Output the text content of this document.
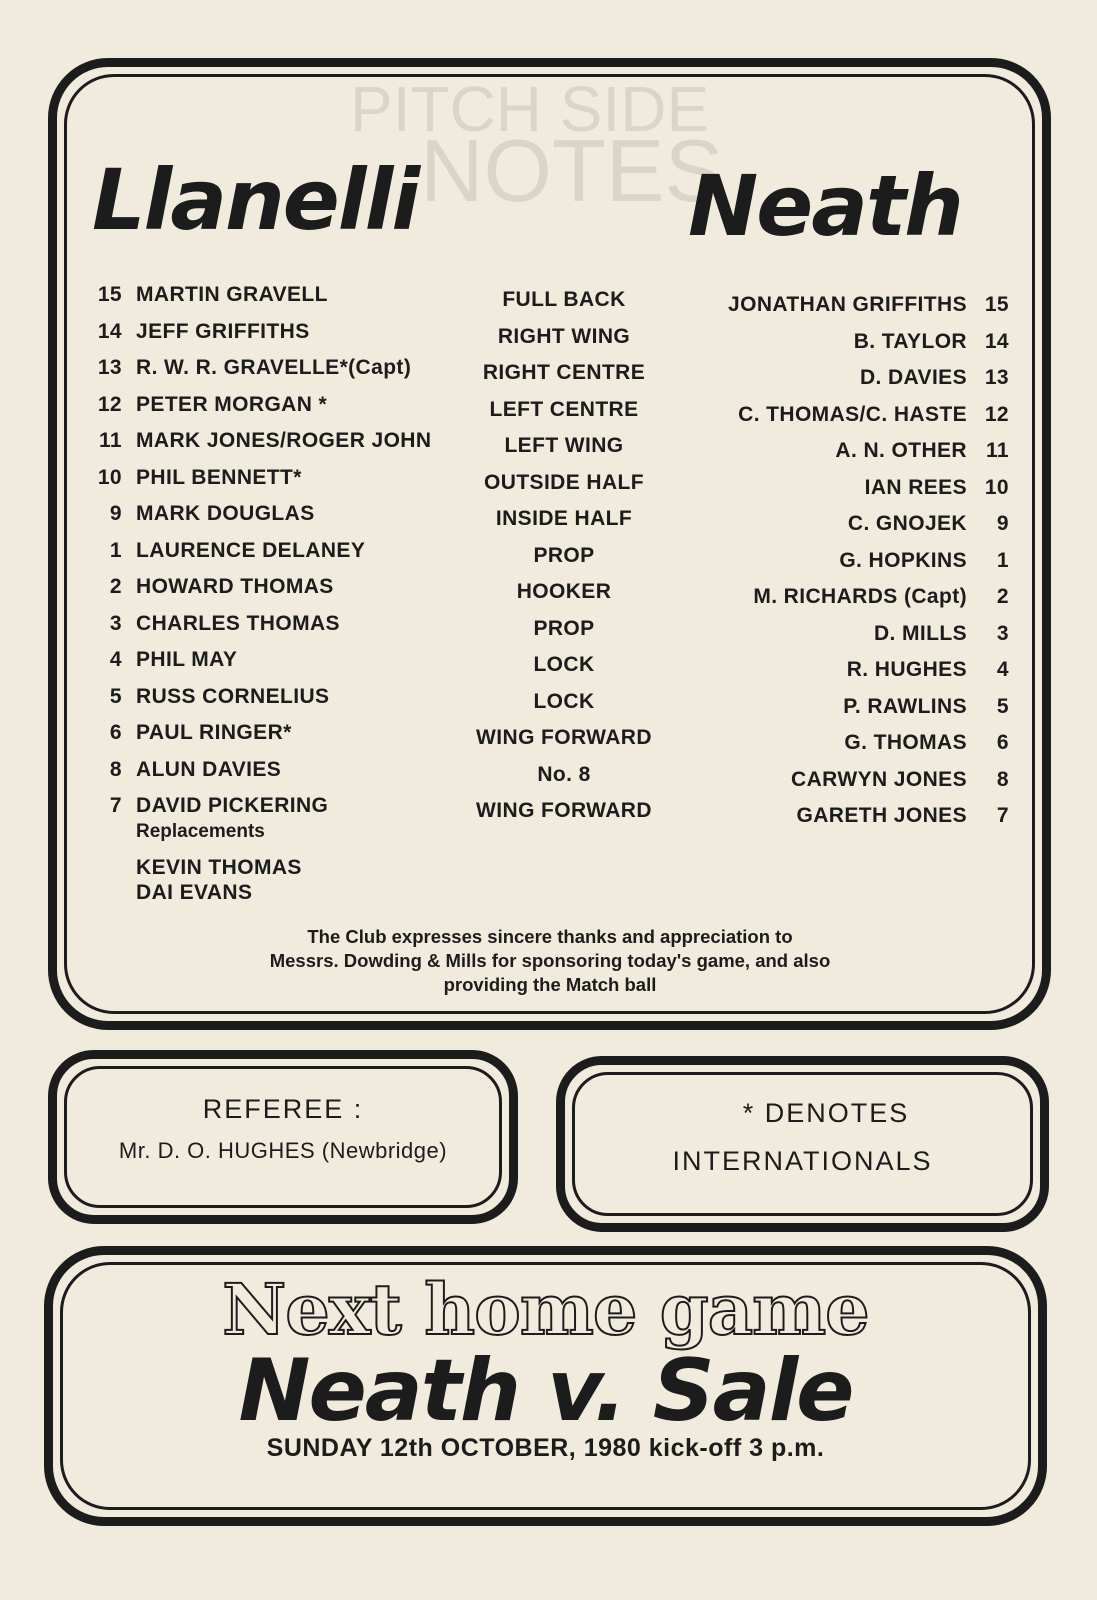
PITCH SIDE
NOTES
Llanelli	Neath
15 MARTIN GRAVELL	FULL BACK	JONATHAN GRIFFITHS 15
14 JEFF GRIFFITHS	RIGHT WING	B. TAYLOR 14
13 R. W. R. GRAVELLE*(Capt)	RIGHT CENTRE	D. DAVIES 13
12 PETER MORGAN *	LEFT CENTRE	C. THOMAS/C. HASTE 12
11 MARK JONES/ROGER JOHN	LEFT WING	A. N. OTHER 11
10 PHIL BENNETT*	OUTSIDE HALF	IAN REES 10
9 MARK DOUGLAS	INSIDE HALF	C. GNOJEK	9
1 LAURENCE DELANEY	PROP	G. HOPKINS	1
2 HOWARD THOMAS	HOOKER	M. RICHARDS (Capt)	2
3 CHARLES THOMAS	PROP	D. MILLS	3
4 PHIL MAY	LOCK	R. HUGHES	4
5 RUSS CORNELIUS	LOCK	P. RAWLINS	5
6 PAUL RINGER*	WING FORWARD	G. THOMAS	6
8 ALUN DAVIES	No. 8	CARWYN JONES	8
7 DAVID PICKERING	WING FORWARD	GARETH JONES	7
Replacements
KEVIN THOMAS
DAI EVANS
The Club expresses sincere thanks and appreciation to
Messrs. Dowding & Mills for sponsoring today's game, and also
providing the Match ball
REFEREE :
Mr. D. O. HUGHES (Newbridge)
* DENOTES
INTERNATIONALS
Next home game
Neath v. Sale
SUNDAY 12th OCTOBER, 1980 kick-off 3 p.m.
